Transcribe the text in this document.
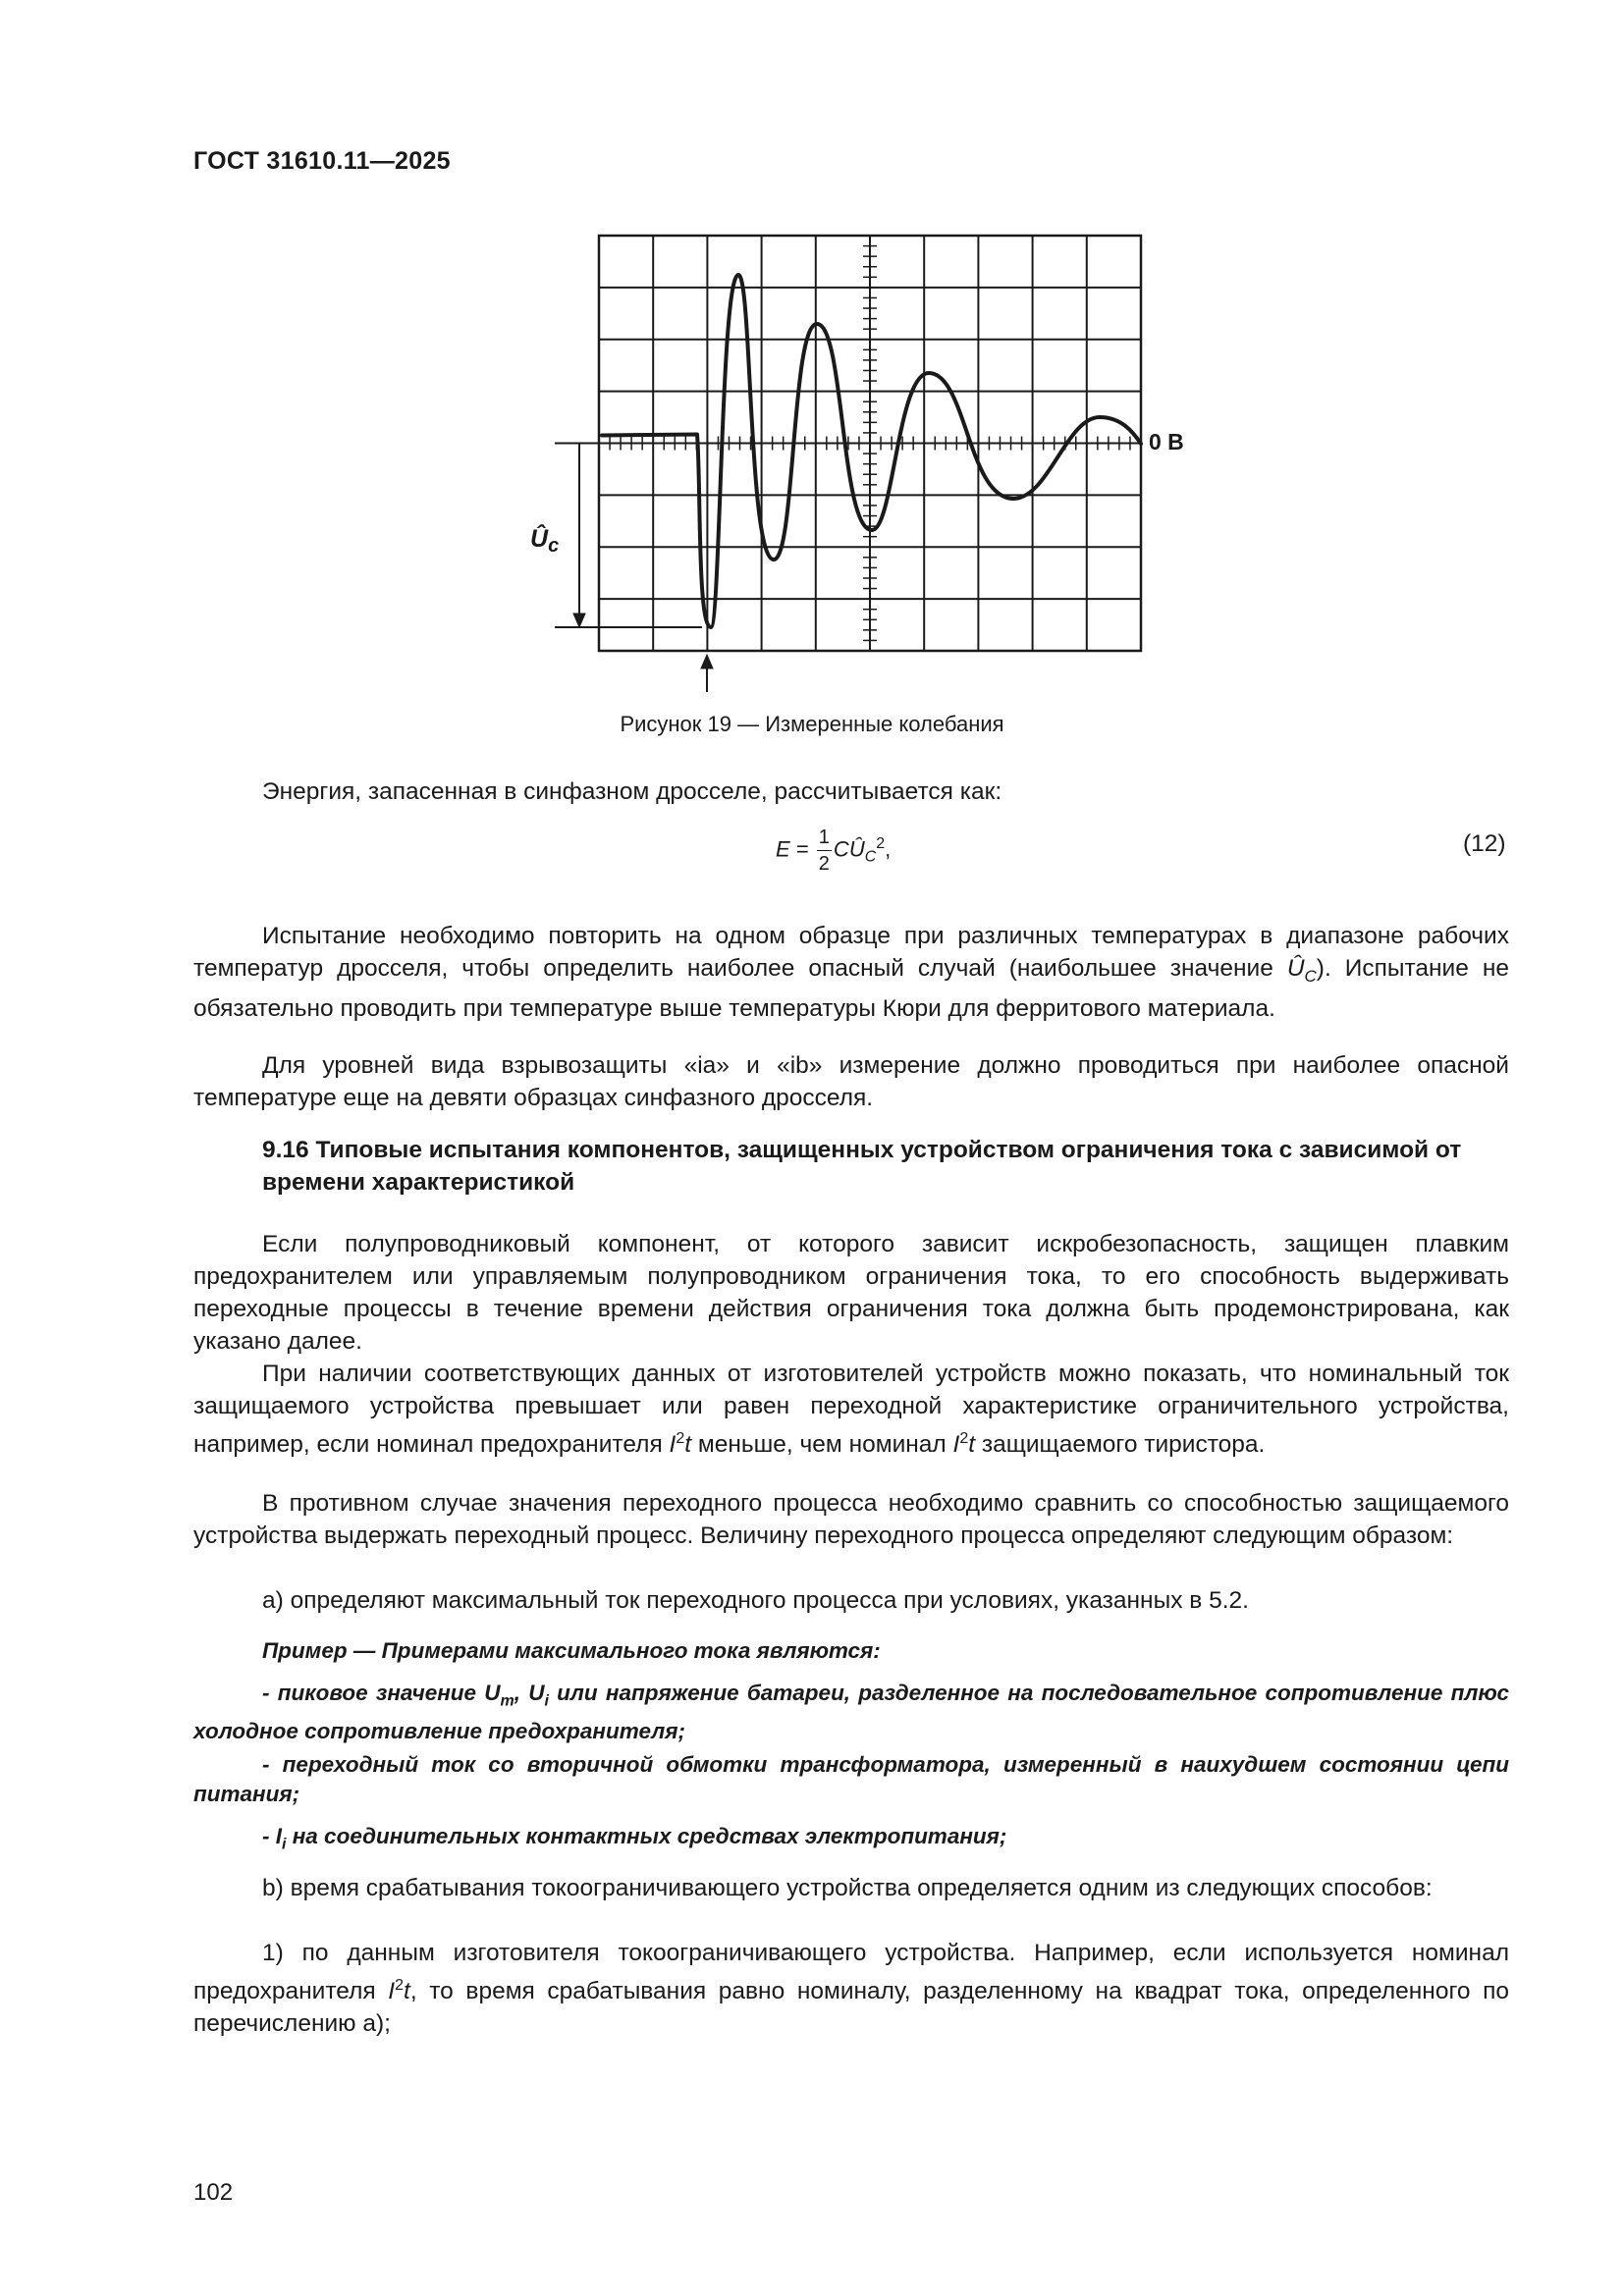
ГОСТ 31610.11—2025
$Û_c$
0 В
Рисунок 19 — Измеренные колебания
Энергия, запасенная в синфазном дросселе, рассчитывается как:
$E = \frac{1}{2}$ $CÛ_C^2$,	(12)
Испытание необходимо повторить на одном образце при различных температурах в диапазоне рабочих температур дросселя, чтобы определить наиболее опасный случай (наибольшее значение $Û_C$). Испытание не обязательно проводить при температуре выше температуры Кюри для ферритового материала.
Для уровней вида взрывозащиты «ia» и «ib» измерение должно проводиться при наиболее опасной температуре еще на девяти образцах синфазного дросселя.
9.16 Типовые испытания компонентов, защищенных устройством ограничения тока с зависимой от времени характеристикой
Если полупроводниковый компонент, от которого зависит искробезопасность, защищен плавким предохранителем или управляемым полупроводником ограничения тока, то его способность выдерживать переходные процессы в течение времени действия ограничения тока должна быть продемонстрирована, как указано далее.
При наличии соответствующих данных от изготовителей устройств можно показать, что номинальный ток защищаемого устройства превышает или равен переходной характеристике ограничительного устройства, например, если номинал предохранителя $I^2t$ меньше, чем номинал $I^2t$ защищаемого тиристора.
В противном случае значения переходного процесса необходимо сравнить со способностью защищаемого устройства выдержать переходный процесс. Величину переходного процесса определяют следующим образом:
а) определяют максимальный ток переходного процесса при условиях, указанных в 5.2.
Пример — Примерами максимального тока являются:
- пиковое значение $U_m$, $U_i$ или напряжение батареи, разделенное на последовательное сопротивление плюс холодное сопротивление предохранителя;
- переходный ток со вторичной обмотки трансформатора, измеренный в наихудшем состоянии цепи питания;
- $I_i$ на соединительных контактных средствах электропитания;
b) время срабатывания токоограничивающего устройства определяется одним из следующих способов:
1) по данным изготовителя токоограничивающего устройства. Например, если используется номинал предохранителя $I^2t$, то время срабатывания равно номиналу, разделенному на квадрат тока, определенного по перечислению а);
102
